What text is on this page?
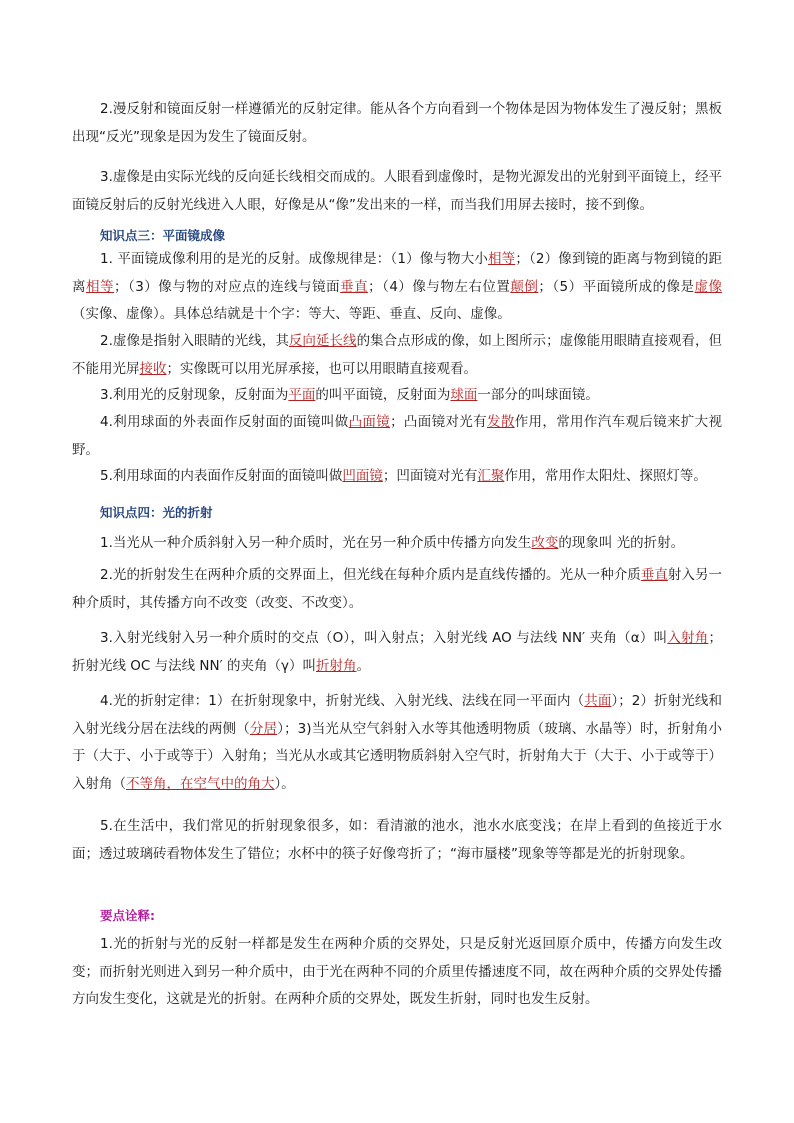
2.漫反射和镜面反射一样遵循光的反射定律。能从各个方向看到一个物体是因为物体发生了漫反射；黑板出现“反光”现象是因为发生了镜面反射。
3.虚像是由实际光线的反向延长线相交而成的。人眼看到虚像时，是物光源发出的光射到平面镜上，经平面镜反射后的反射光线进入人眼，好像是从“像”发出来的一样，而当我们用屏去接时，接不到像。
知识点三：平面镜成像
1. 平面镜成像利用的是光的反射。成像规律是：（1）像与物大小相等；（2）像到镜的距离与物到镜的距离相等；（3）像与物的对应点的连线与镜面垂直；（4）像与物左右位置颠倒；（5）平面镜所成的像是虚像（实像、虚像）。具体总结就是十个字：等大、等距、垂直、反向、虚像。
2.虚像是指射入眼睛的光线，其反向延长线的集合点形成的像，如上图所示；虚像能用眼睛直接观看，但不能用光屏接收；实像既可以用光屏承接，也可以用眼睛直接观看。
3.利用光的反射现象，反射面为平面的叫平面镜，反射面为球面一部分的叫球面镜。
4.利用球面的外表面作反射面的面镜叫做凸面镜；凸面镜对光有发散作用，常用作汽车观后镜来扩大视野。
5.利用球面的内表面作反射面的面镜叫做凹面镜；凹面镜对光有汇聚作用，常用作太阳灶、探照灯等。
知识点四：光的折射
1.当光从一种介质斜射入另一种介质时，光在另一种介质中传播方向发生改变的现象叫 光的折射。
2.光的折射发生在两种介质的交界面上，但光线在每种介质内是直线传播的。光从一种介质垂直射入另一种介质时，其传播方向不改变（改变、不改变）。
3.入射光线射入另一种介质时的交点（O），叫入射点；入射光线 AO 与法线 NN′ 夹角（α）叫入射角；折射光线 OC 与法线 NN′ 的夹角（γ）叫折射角。
4.光的折射定律：1）在折射现象中，折射光线、入射光线、法线在同一平面内（共面）；2）折射光线和入射光线分居在法线的两侧（分居）；3)当光从空气斜射入水等其他透明物质（玻璃、水晶等）时，折射角小于（大于、小于或等于）入射角；当光从水或其它透明物质斜射入空气时，折射角大于（大于、小于或等于）入射角（不等角，在空气中的角大）。
5.在生活中，我们常见的折射现象很多，如：看清澈的池水，池水水底变浅；在岸上看到的鱼接近于水面；透过玻璃砖看物体发生了错位；水杯中的筷子好像弯折了；“海市蜃楼”现象等等都是光的折射现象。
要点诠释:
1.光的折射与光的反射一样都是发生在两种介质的交界处，只是反射光返回原介质中，传播方向发生改变；而折射光则进入到另一种介质中，由于光在两种不同的介质里传播速度不同，故在两种介质的交界处传播方向发生变化，这就是光的折射。在两种介质的交界处，既发生折射，同时也发生反射。
